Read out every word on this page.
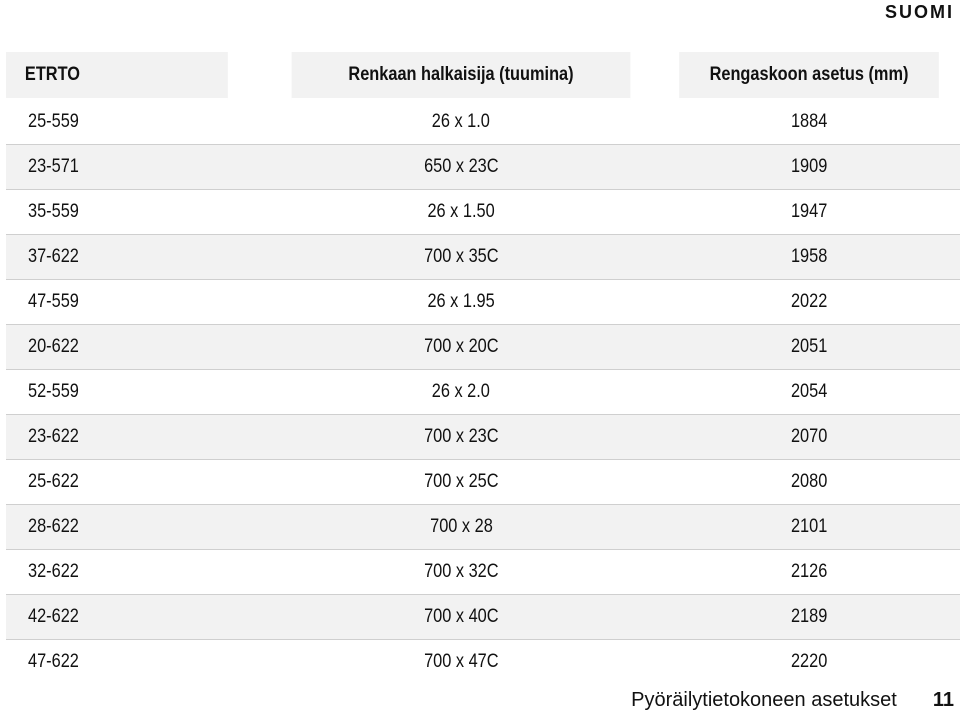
SUOMI
ETRTO	Renkaan halkaisija (tuumina)	Rengaskoon asetus (mm)
25-559	26 x 1.0	1884
23-571	650 x 23C	1909
35-559	26 x 1.50	1947
37-622	700 x 35C	1958
47-559	26 x 1.95	2022
20-622	700 x 20C	2051
52-559	26 x 2.0	2054
23-622	700 x 23C	2070
25-622	700 x 25C	2080
28-622	700 x 28	2101
32-622	700 x 32C	2126
42-622	700 x 40C	2189
47-622	700 x 47C	2220
Pyöräilytietokoneen asetukset 11
